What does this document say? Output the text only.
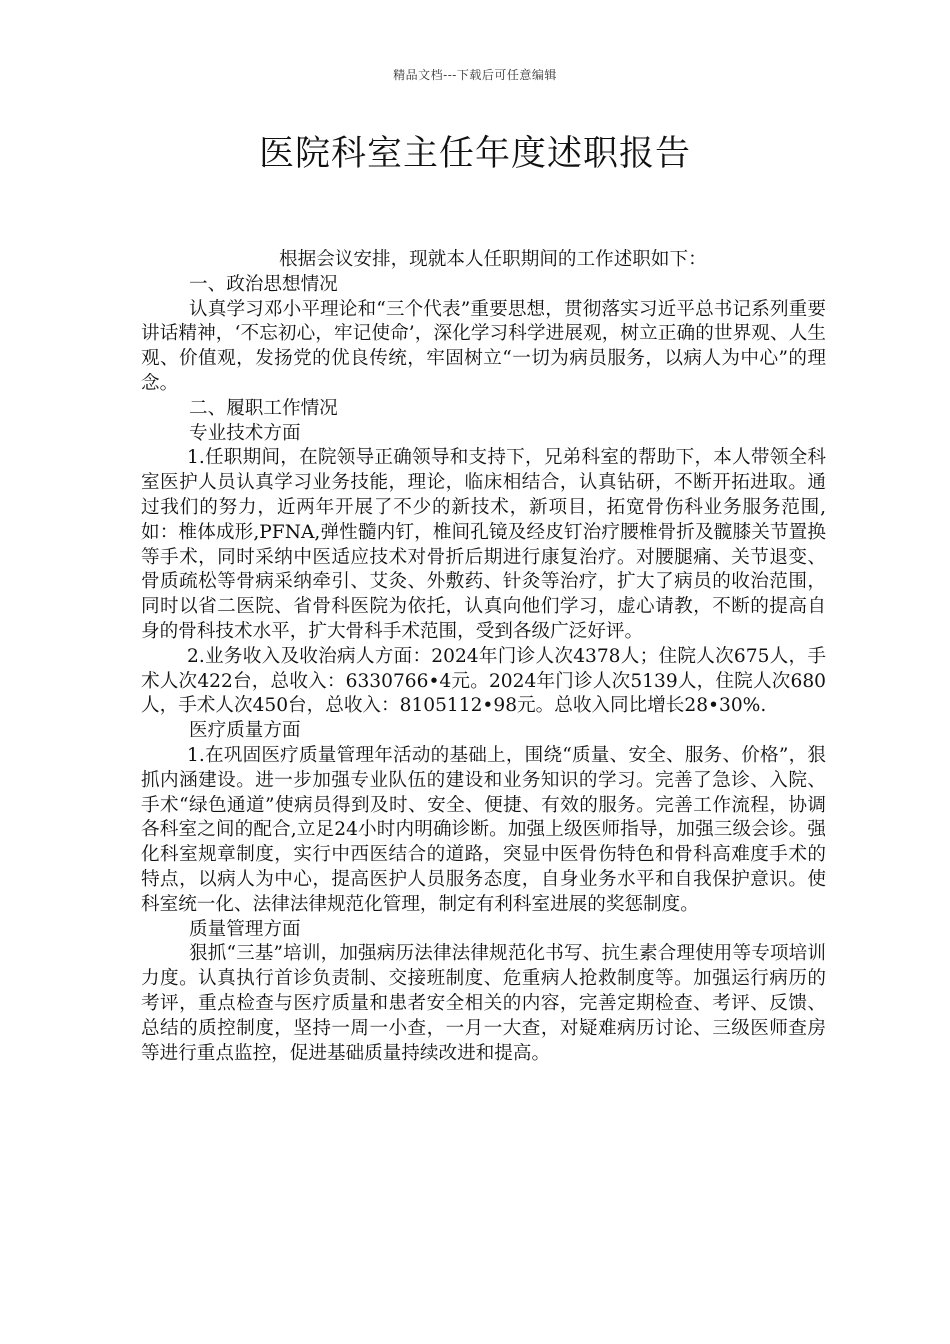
精品文档---下载后可任意编辑
医院科室主任年度述职报告

根据会议安排，现就本人任职期间的工作述职如下：

一、政治思想情况

认真学习邓小平理论和“三个代表”重要思想，贯彻落实习近平总书记系列重要讲话精神，‘不忘初心，牢记使命’，深化学习科学进展观，树立正确的世界观、人生观、价值观，发扬党的优良传统，牢固树立“一切为病员服务，以病人为中心”的理念。

二、履职工作情况

专业技术方面

1.任职期间，在院领导正确领导和支持下，兄弟科室的帮助下，本人带领全科室医护人员认真学习业务技能，理论，临床相结合，认真钻研，不断开拓进取。通过我们的努力，近两年开展了不少的新技术，新项目，拓宽骨伤科业务服务范围,如：椎体成形,PFNA,弹性髓内钉，椎间孔镜及经皮钉治疗腰椎骨折及髋膝关节置换等手术，同时采纳中医适应技术对骨折后期进行康复治疗。对腰腿痛、关节退变、骨质疏松等骨病采纳牵引、艾灸、外敷药、针灸等治疗，扩大了病员的收治范围，同时以省二医院、省骨科医院为依托，认真向他们学习，虚心请教，不断的提高自身的骨科技术水平，扩大骨科手术范围，受到各级广泛好评。

2.业务收入及收治病人方面：2024年门诊人次4378人；住院人次675人，手术人次422台，总收入：6330766•4元。2024年门诊人次5139人，住院人次680人，手术人次450台，总收入：8105112•98元。总收入同比增长28•30%.

医疗质量方面

1.在巩固医疗质量管理年活动的基础上，围绕“质量、安全、服务、价格”，狠抓内涵建设。进一步加强专业队伍的建设和业务知识的学习。完善了急诊、入院、手术“绿色通道”使病员得到及时、安全、便捷、有效的服务。完善工作流程，协调各科室之间的配合,立足24小时内明确诊断。加强上级医师指导，加强三级会诊。强化科室规章制度，实行中西医结合的道路，突显中医骨伤特色和骨科高难度手术的特点，以病人为中心，提高医护人员服务态度，自身业务水平和自我保护意识。使科室统一化、法律法律规范化管理，制定有利科室进展的奖惩制度。

质量管理方面

狠抓“三基”培训，加强病历法律法律规范化书写、抗生素合理使用等专项培训力度。认真执行首诊负责制、交接班制度、危重病人抢救制度等。加强运行病历的考评，重点检查与医疗质量和患者安全相关的内容，完善定期检查、考评、反馈、总结的质控制度，坚持一周一小查，一月一大查，对疑难病历讨论、三级医师查房等进行重点监控，促进基础质量持续改进和提高。
